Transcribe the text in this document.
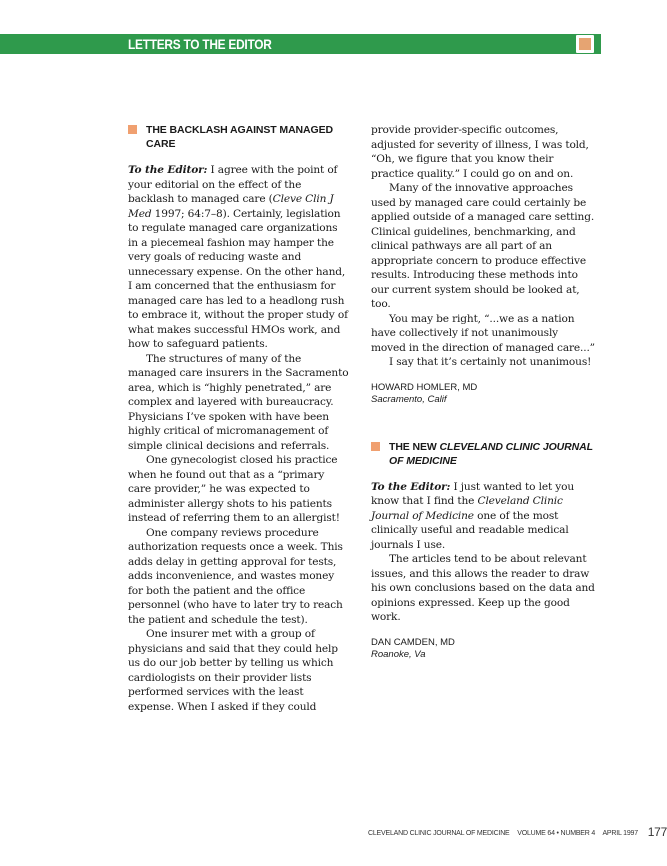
LETTERS TO THE EDITOR
THE BACKLASH AGAINST MANAGED CARE

To the Editor: I agree with the point of your editorial on the effect of the backlash to managed care (Cleve Clin J Med 1997; 64:7–8). Certainly, legislation to regulate managed care organizations in a piecemeal fashion may hamper the very goals of reducing waste and unnecessary expense. On the other hand, I am concerned that the enthusiasm for managed care has led to a headlong rush to embrace it, without the proper study of what makes successful HMOs work, and how to safeguard patients.

The structures of many of the managed care insurers in the Sacramento area, which is “highly penetrated,” are complex and layered with bureaucracy. Physicians I’ve spoken with have been highly critical of micromanagement of simple clinical decisions and referrals.

One gynecologist closed his practice when he found out that as a “primary care provider,” he was expected to administer allergy shots to his patients instead of referring them to an allergist!

One company reviews procedure authorization requests once a week. This adds delay in getting approval for tests, adds inconvenience, and wastes money for both the patient and the office personnel (who have to later try to reach the patient and schedule the test).

One insurer met with a group of physicians and said that they could help us do our job better by telling us which cardiologists on their provider lists performed services with the least expense. When I asked if they could

provide provider-specific outcomes, adjusted for severity of illness, I was told, “Oh, we figure that you know their practice quality.” I could go on and on.

Many of the innovative approaches used by managed care could certainly be applied outside of a managed care setting. Clinical guidelines, benchmarking, and clinical pathways are all part of an appropriate concern to produce effective results. Introducing these methods into our current system should be looked at, too.

You may be right, “...we as a nation have collectively if not unanimously moved in the direction of managed care...”

I say that it’s certainly not unanimous!

HOWARD HOMLER, MD
Sacramento, Calif
THE NEW CLEVELAND CLINIC JOURNAL OF MEDICINE

To the Editor: I just wanted to let you know that I find the Cleveland Clinic Journal of Medicine one of the most clinically useful and readable medical journals I use.

The articles tend to be about relevant issues, and this allows the reader to draw his own conclusions based on the data and opinions expressed. Keep up the good work.

DAN CAMDEN, MD
Roanoke, Va
CLEVELAND CLINIC JOURNAL OF MEDICINE VOLUME 64 • NUMBER 4 APRIL 1997 177
